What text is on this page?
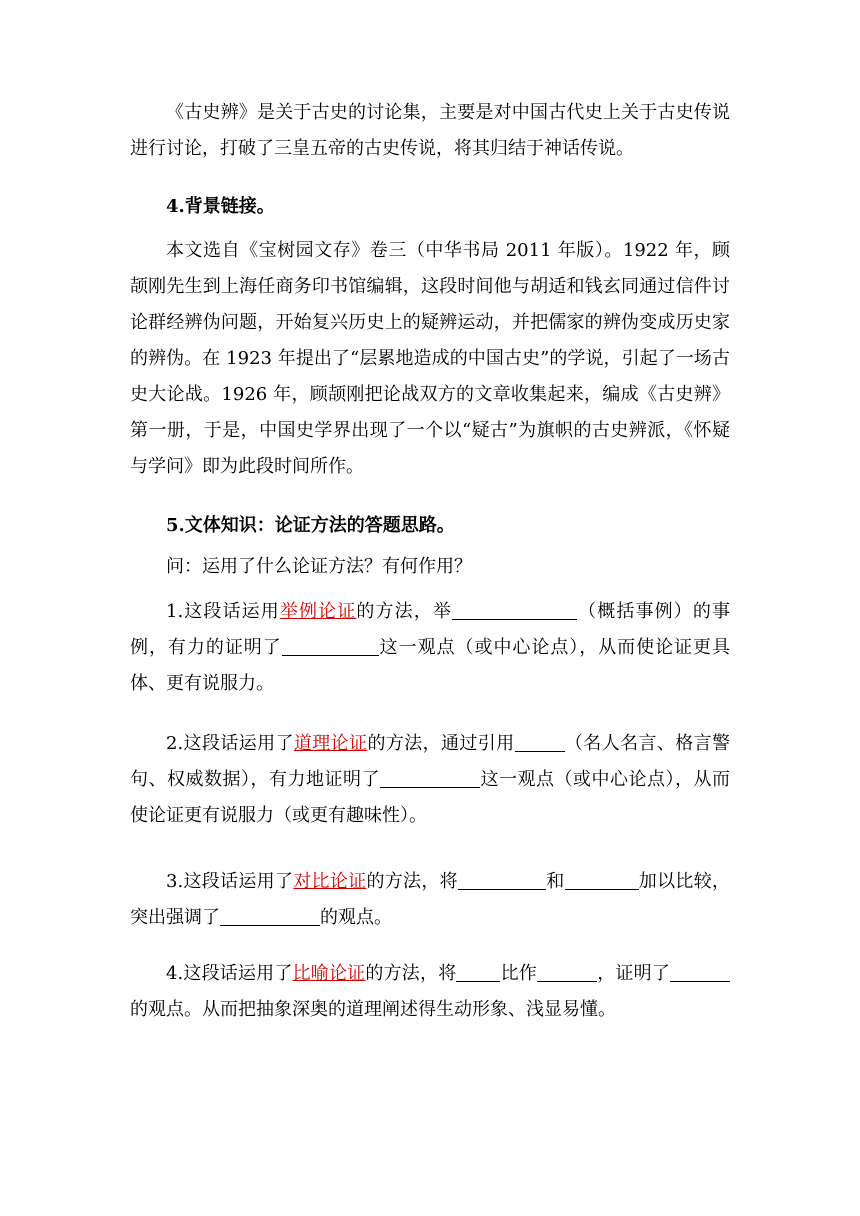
《古史辨》是关于古史的讨论集，主要是对中国古代史上关于古史传说进行讨论，打破了三皇五帝的古史传说，将其归结于神话传说。

4.背景链接。

本文选自《宝树园文存》卷三（中华书局 2011 年版）。1922 年，顾颉刚先生到上海任商务印书馆编辑，这段时间他与胡适和钱玄同通过信件讨论群经辨伪问题，开始复兴历史上的疑辨运动，并把儒家的辨伪变成历史家的辨伪。在 1923 年提出了“层累地造成的中国古史”的学说，引起了一场古史大论战。1926 年，顾颉刚把论战双方的文章收集起来，编成《古史辨》第一册，于是，中国史学界出现了一个以“疑古”为旗帜的古史辨派，《怀疑与学问》即为此段时间所作。

5.文体知识：论证方法的答题思路。

问：运用了什么论证方法？有何作用？

1.这段话运用举例论证的方法，举	（概括事例）的事例，有力的证明了	这一观点（或中心论点），从而使论证更具体、更有说服力。

2.这段话运用了道理论证的方法，通过引用	（名人名言、格言警句、权威数据），有力地证明了	这一观点（或中心论点），从而使论证更有说服力（或更有趣味性）。

3.这段话运用了对比论证的方法，将	和	加以比较，突出强调了	的观点。

4.这段话运用了比喻论证的方法，将 比作	，证明了的观点。从而把抽象深奥的道理阐述得生动形象、浅显易懂。
